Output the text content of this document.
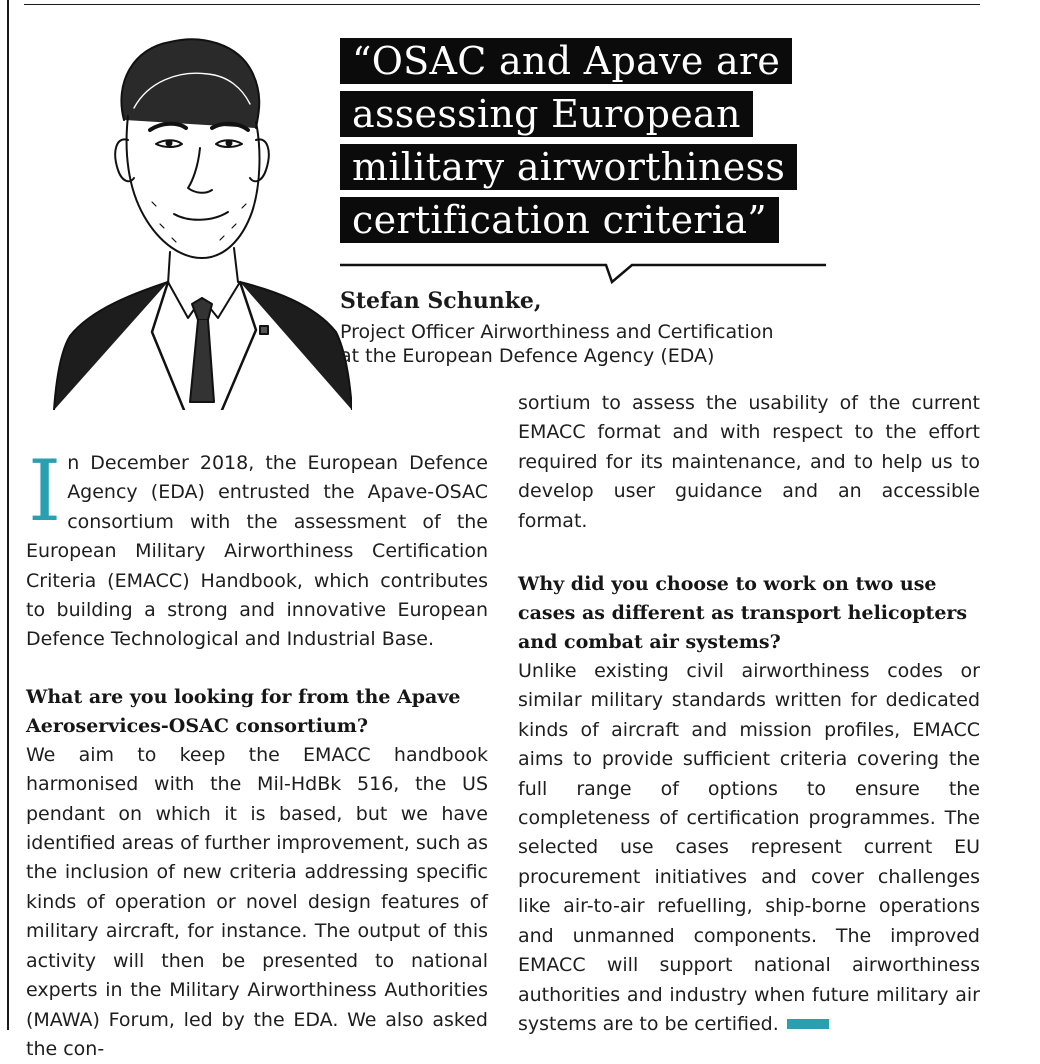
“OSAC and Apave are
assessing European
military airworthiness
certification criteria”
Stefan Schunke,
Project Officer Airworthiness and Certification
at the European Defence Agency (EDA)

In December 2018, the European Defence Agency (EDA) entrusted the Apave-OSAC consortium with the assessment of the European Military Airworthiness Certification Criteria (EMACC) Handbook, which contributes to building a strong and innovative European Defence Technological and Industrial Base.

What are you looking for from the Apave Aeroservices-OSAC consortium?

We aim to keep the EMACC handbook harmonised with the Mil-HdBk 516, the US pendant on which it is based, but we have identified areas of further improvement, such as the inclusion of new criteria addressing specific kinds of operation or novel design features of military aircraft, for instance. The output of this activity will then be presented to national experts in the Military Airworthiness Authorities (MAWA) Forum, led by the EDA. We also asked the con-

sortium to assess the usability of the current EMACC format and with respect to the effort required for its maintenance, and to help us to develop user guidance and an accessible format.

Why did you choose to work on two use cases as different as transport helicopters and combat air systems?

Unlike existing civil airworthiness codes or similar military standards written for dedicated kinds of aircraft and mission profiles, EMACC aims to provide sufficient criteria covering the full range of options to ensure the completeness of certification programmes. The selected use cases represent current EU procurement initiatives and cover challenges like air-to-air refuelling, ship-borne operations and unmanned components. The improved EMACC will support national airworthiness authorities and industry when future military air systems are to be certified.
